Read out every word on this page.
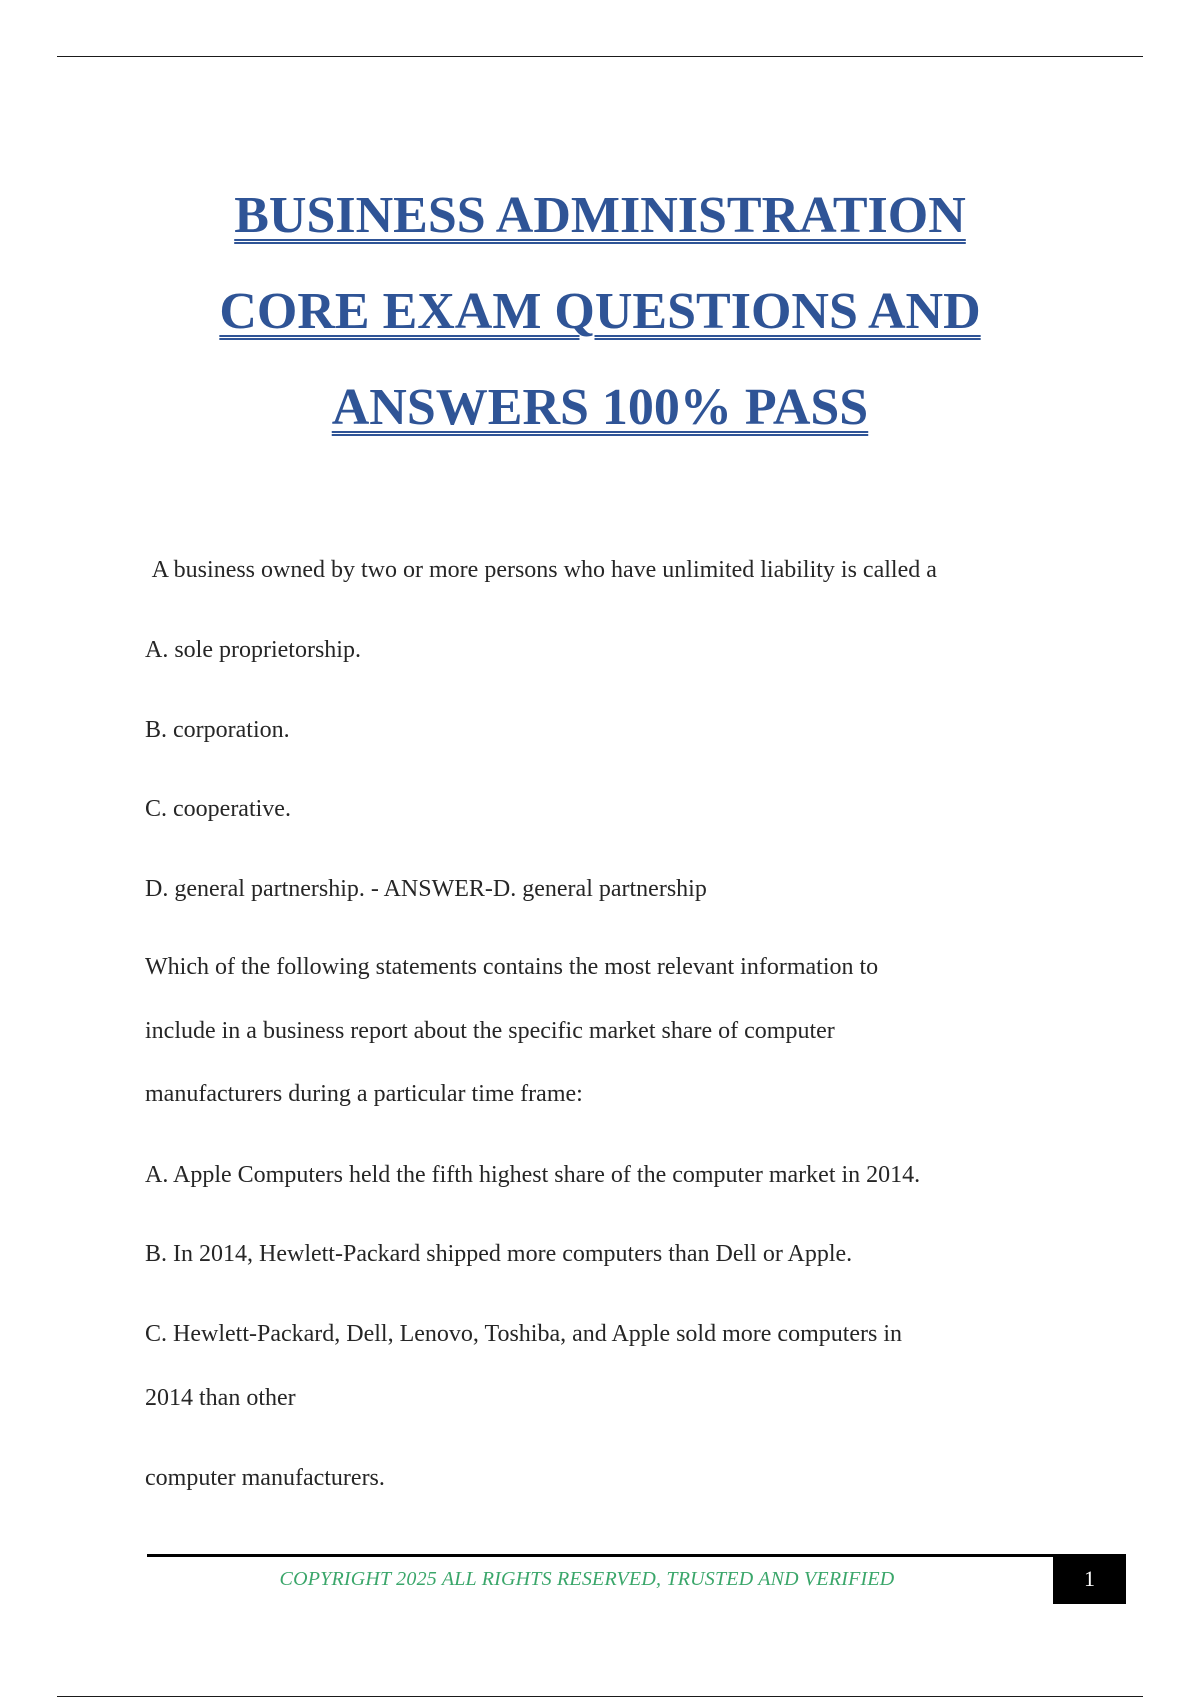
BUSINESS ADMINISTRATION
CORE EXAM QUESTIONS AND
ANSWERS 100% PASS

A business owned by two or more persons who have unlimited liability is called a

A. sole proprietorship.

B. corporation.

C. cooperative.

D. general partnership. - ANSWER-D. general partnership

Which of the following statements contains the most relevant information to

include in a business report about the specific market share of computer

manufacturers during a particular time frame:

A. Apple Computers held the fifth highest share of the computer market in 2014.

B. In 2014, Hewlett-Packard shipped more computers than Dell or Apple.

C. Hewlett-Packard, Dell, Lenovo, Toshiba, and Apple sold more computers in

2014 than other

computer manufacturers.

COPYRIGHT 2025 ALL RIGHTS RESERVED, TRUSTED AND VERIFIED	1
